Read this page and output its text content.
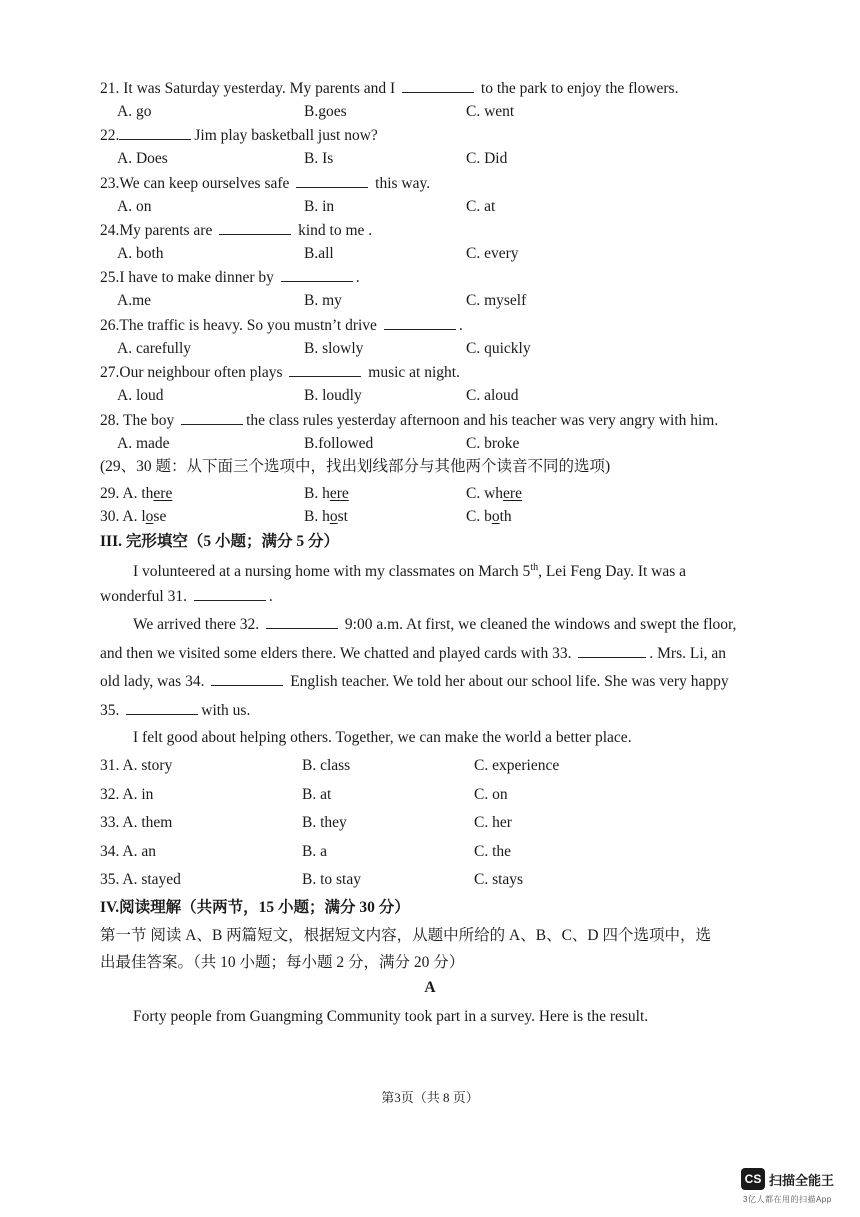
21. It was Saturday yesterday. My parents and I	to the park to enjoy the flowers.
A. go	B.goes	C. went
22.	Jim play basketball just now?
A. Does	B. Is	C. Did
23.We can keep ourselves safe	this way.
A. on	B. in	C. at
24.My parents are	kind to me .
A. both	B.all	C. every
25.I have to make dinner by	.
A.me	B. my	C. myself
26.The traffic is heavy. So you mustn’t drive	.
A. carefully	B. slowly	C. quickly
27.Our neighbour often plays	music at night.
A. loud	B. loudly	C. aloud
28. The boy	the class rules yesterday afternoon and his teacher was very angry with him.
A. made	B.followed	C. broke
(29、30 题：从下面三个选项中，找出划线部分与其他两个读音不同的选项)
29. A. there	B. here	C. where
30. A. lose	B. host	C. both
III. 完形填空（5 小题；满分 5 分）
I volunteered at a nursing home with my classmates on March 5th, Lei Feng Day. It was a
wonderful 31.	.
We arrived there 32.	9:00 a.m. At first, we cleaned the windows and swept the floor,
and then we visited some elders there. We chatted and played cards with 33.	. Mrs. Li, an
old lady, was 34.	English teacher. We told her about our school life. She was very happy
35.	with us.
I felt good about helping others. Together, we can make the world a better place.
31. A. story	B. class	C. experience
32. A. in	B. at	C. on
33. A. them	B. they	C. her
34. A. an	B. a	C. the
35. A. stayed	B. to stay	C. stays
IV.阅读理解（共两节，15 小题；满分 30 分）
第一节 阅读 A、B 两篇短文，根据短文内容，从题中所给的 A、B、C、D 四个选项中，选
出最佳答案。（共 10 小题；每小题 2 分，满分 20 分）
A
Forty people from Guangming Community took part in a survey. Here is the result.
第3页（共 8 页）
CS 扫描全能王
3亿人都在用的扫描App
